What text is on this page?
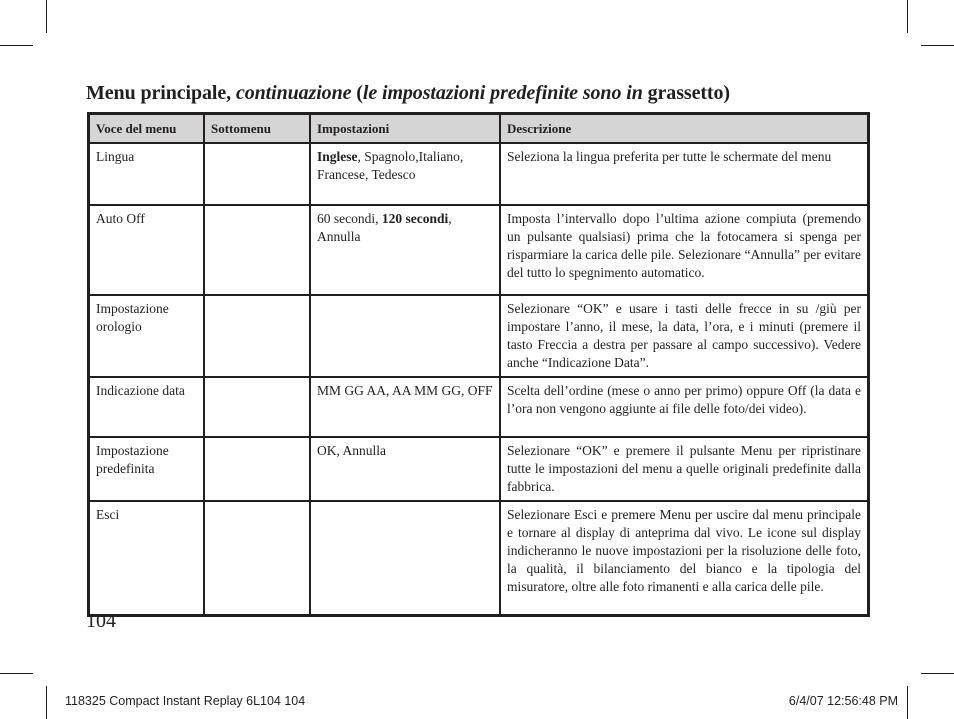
Menu principale, continuazione (le impostazioni predefinite sono in grassetto)
Voce del menu	Sottomenu	Impostazioni	Descrizione
Lingua		Inglese, Spagnolo,Italiano, Francese, Tedesco	Seleziona la lingua preferita per tutte le schermate del menu
Auto Off		60 secondi, 120 secondi, Annulla	Imposta l’intervallo dopo l’ultima azione compiuta (premendo un pulsante qualsiasi) prima che la fotocamera si spenga per risparmiare la carica delle pile. Selezionare “Annulla” per evitare del tutto lo spegnimento automatico.
Impostazione orologio			Selezionare “OK” e usare i tasti delle frecce in su /giù per impostare l’anno, il mese, la data, l’ora, e i minuti (premere il tasto Freccia a destra per passare al campo successivo). Vedere anche “Indicazione Data”.
Indicazione data		MM GG AA, AA MM GG, OFF	Scelta dell’ordine (mese o anno per primo) oppure Off (la data e l’ora non vengono aggiunte ai file delle foto/dei video).
Impostazione predefinita		OK, Annulla	Selezionare “OK” e premere il pulsante Menu per ripristinare tutte le impostazioni del menu a quelle originali predefinite dalla fabbrica.
Esci			Selezionare Esci e premere Menu per uscire dal menu principale e tornare al display di anteprima dal vivo. Le icone sul display indicheranno le nuove impostazioni per la risoluzione delle foto, la qualità, il bilanciamento del bianco e la tipologia del misuratore, oltre alle foto rimanenti e alla carica delle pile.
104
118325 Compact Instant Replay 6L104 104	6/4/07 12:56:48 PM
